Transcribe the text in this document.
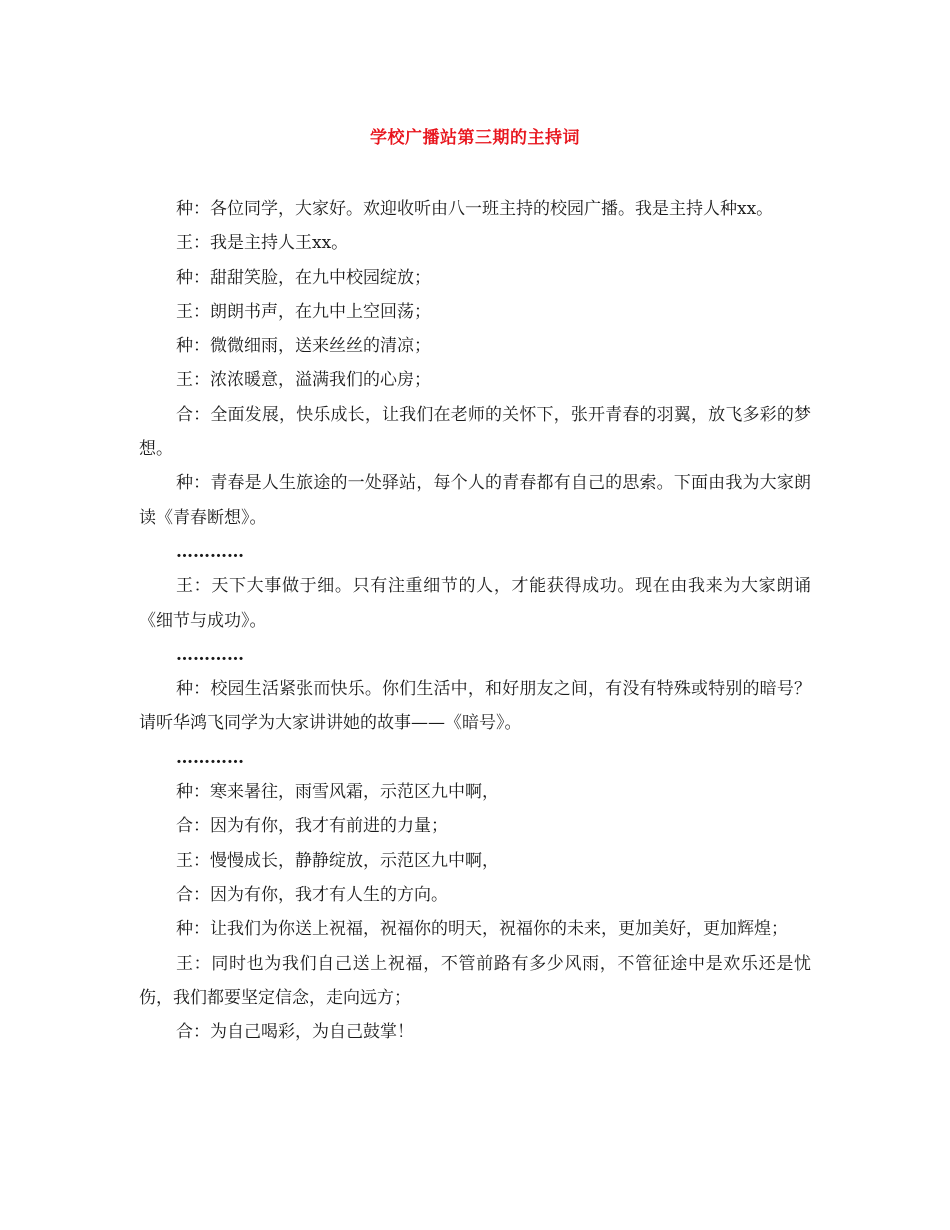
学校广播站第三期的主持词

种：各位同学，大家好。欢迎收听由八一班主持的校园广播。我是主持人种xx。

王：我是主持人王xx。

种：甜甜笑脸，在九中校园绽放；

王：朗朗书声，在九中上空回荡；

种：微微细雨，送来丝丝的清凉；

王：浓浓暖意，溢满我们的心房；

合：全面发展，快乐成长，让我们在老师的关怀下，张开青春的羽翼，放飞多彩的梦想。

种：青春是人生旅途的一处驿站，每个人的青春都有自己的思索。下面由我为大家朗读《青春断想》。

…………

王：天下大事做于细。只有注重细节的人，才能获得成功。现在由我来为大家朗诵《细节与成功》。

…………

种：校园生活紧张而快乐。你们生活中，和好朋友之间，有没有特殊或特别的暗号？请听华鸿飞同学为大家讲讲她的故事——《暗号》。

…………

种：寒来暑往，雨雪风霜，示范区九中啊，

合：因为有你，我才有前进的力量；

王：慢慢成长，静静绽放，示范区九中啊，

合：因为有你，我才有人生的方向。

种：让我们为你送上祝福，祝福你的明天，祝福你的未来，更加美好，更加辉煌；

王：同时也为我们自己送上祝福，不管前路有多少风雨，不管征途中是欢乐还是忧伤，我们都要坚定信念，走向远方；

合：为自己喝彩，为自己鼓掌！
